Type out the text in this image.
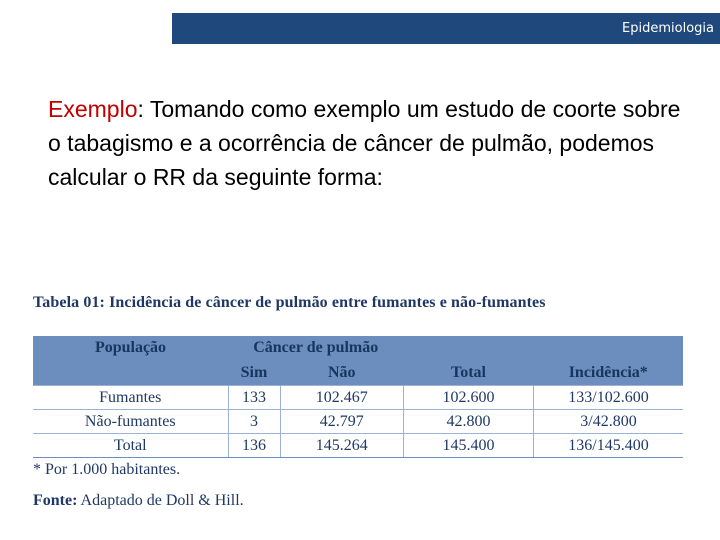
Epidemiologia
Exemplo: Tomando como exemplo um estudo de coorte sobre o tabagismo e a ocorrência de câncer de pulmão, podemos calcular o RR da seguinte forma:
Tabela 01: Incidência de câncer de pulmão entre fumantes e não-fumantes
População	Câncer de pulmão			
	Sim	Não	Total	Incidência*
Fumantes	133	102.467	102.600	133/102.600
Não-fumantes	3	42.797	42.800	3/42.800
Total	136	145.264	145.400	136/145.400
* Por 1.000 habitantes.
Fonte: Adaptado de Doll & Hill.
